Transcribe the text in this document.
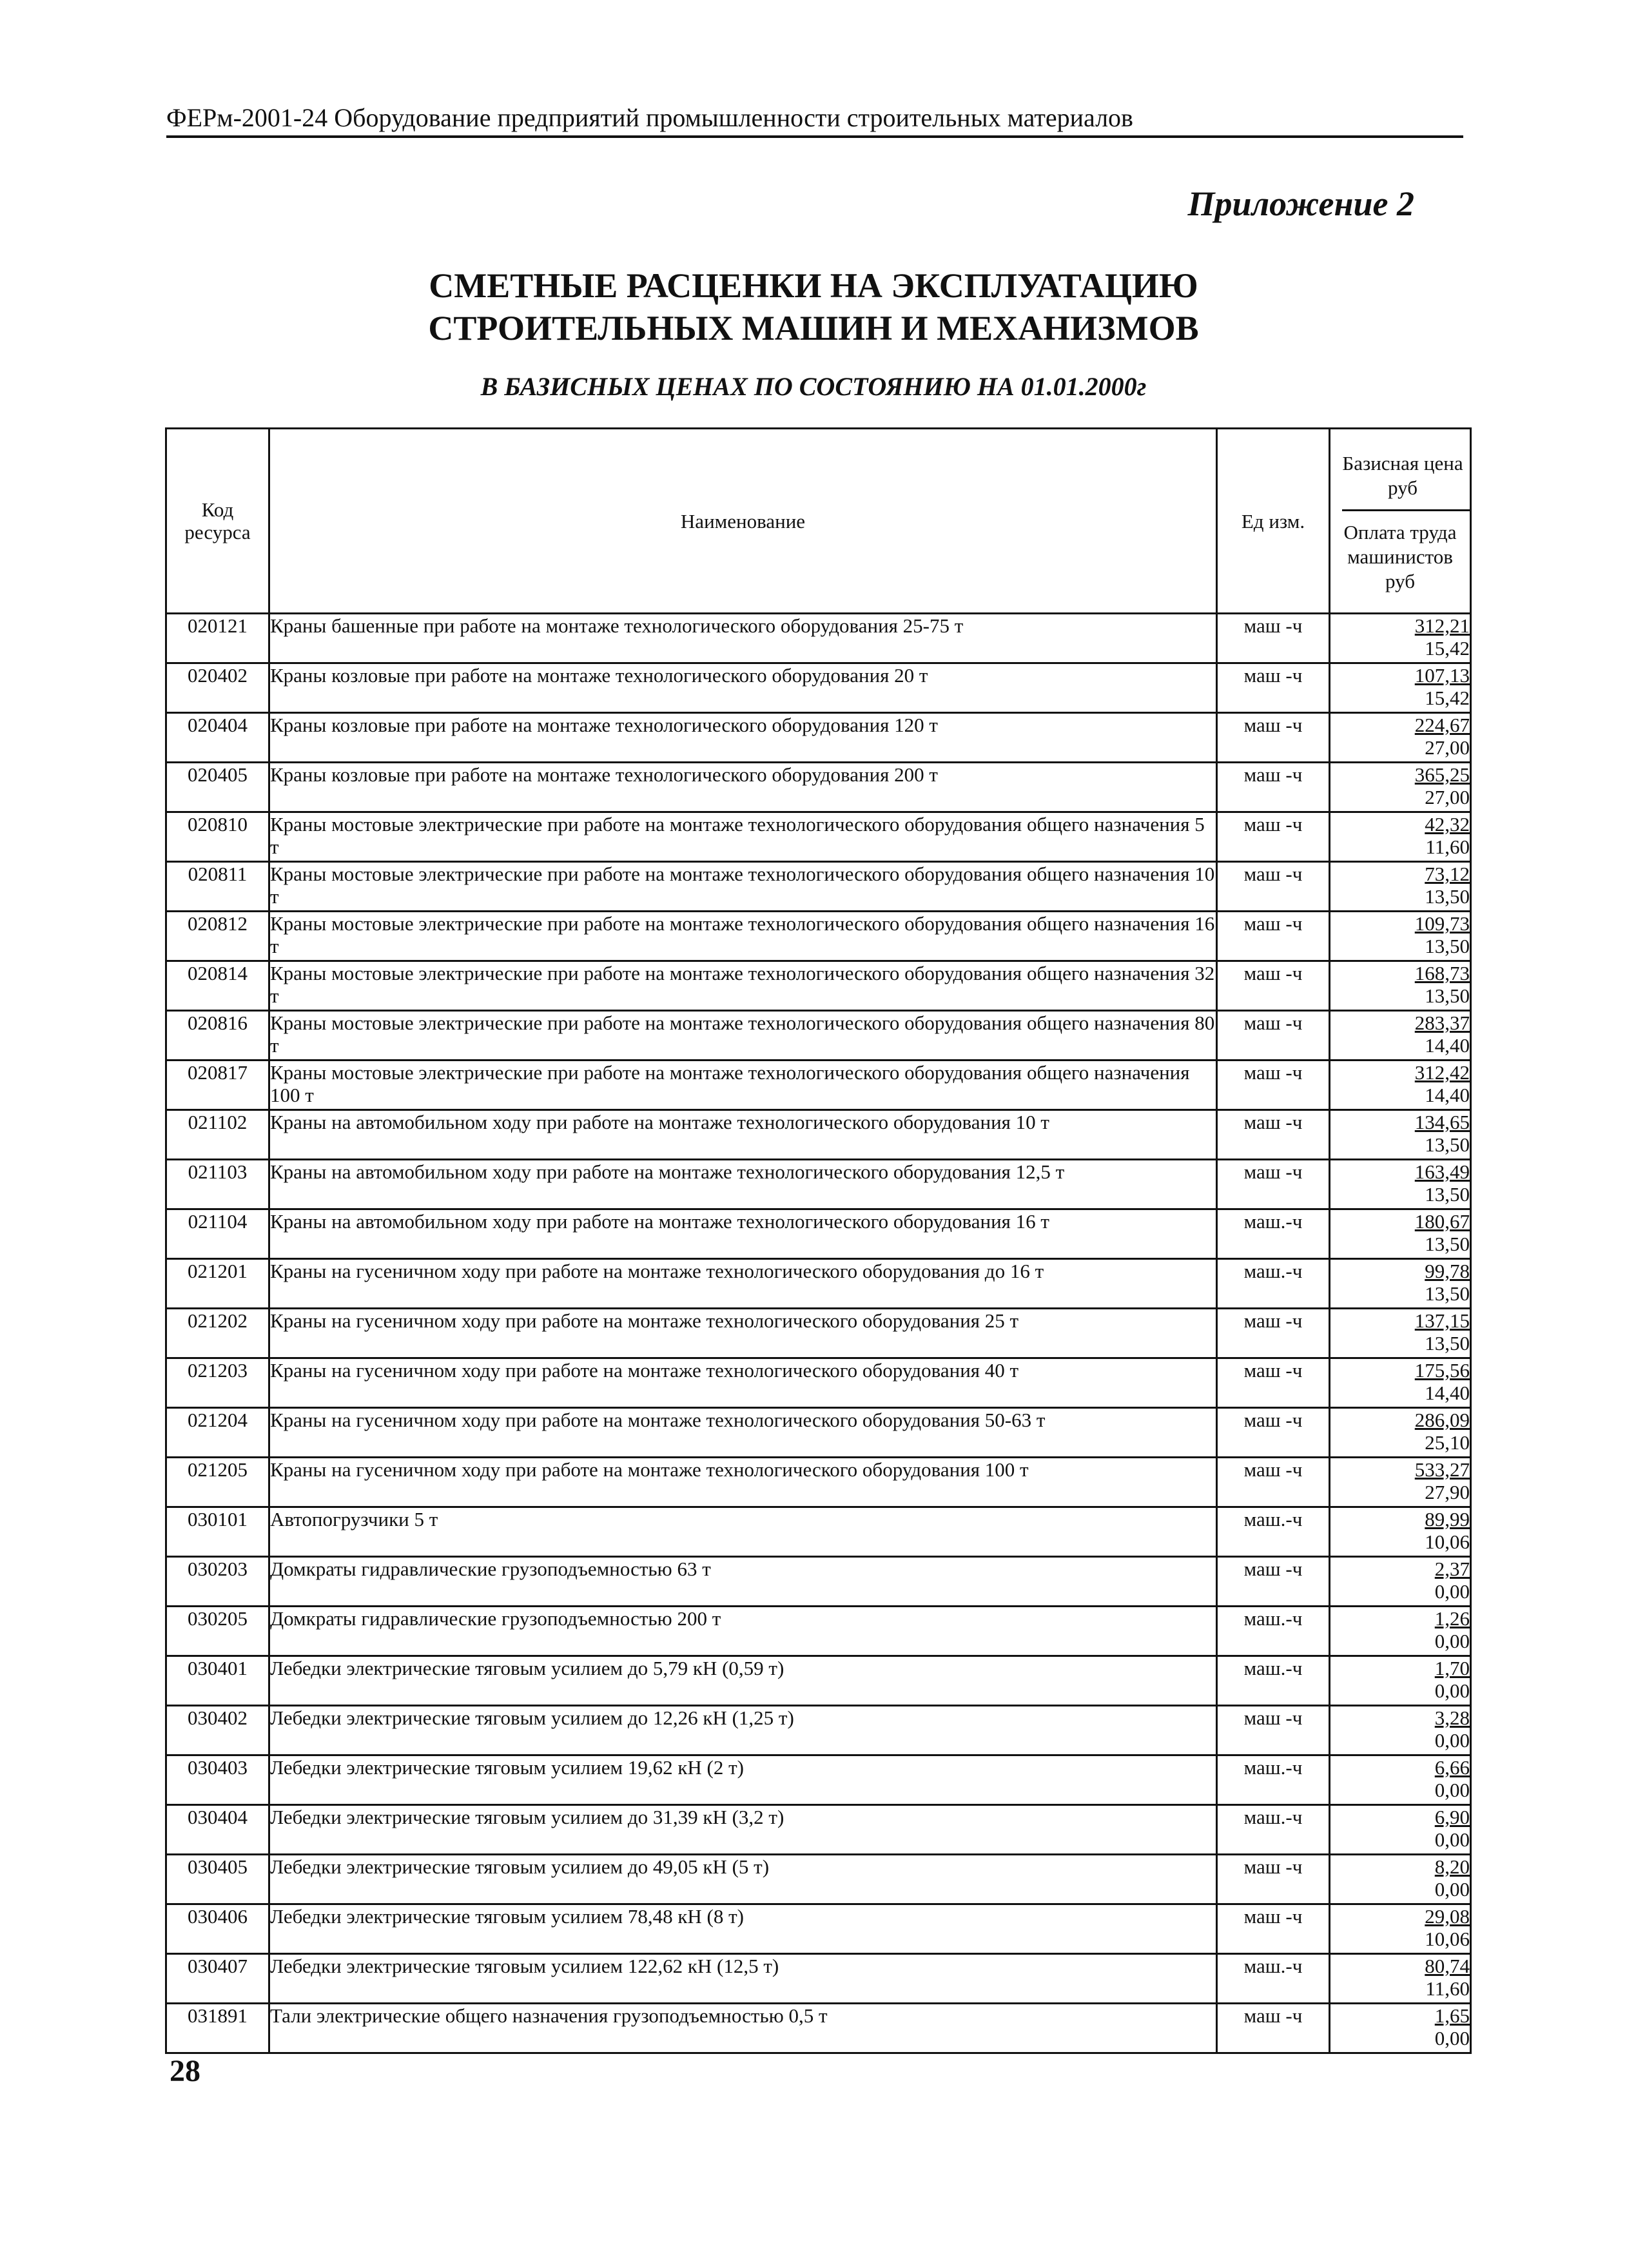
ФЕРм-2001-24 Оборудование предприятий промышленности строительных материалов
Приложение 2
СМЕТНЫЕ РАСЦЕНКИ НА ЭКСПЛУАТАЦИЮ
СТРОИТЕЛЬНЫХ МАШИН И МЕХАНИЗМОВ
В БАЗИСНЫХ ЦЕНАХ ПО СОСТОЯНИЮ НА 01.01.2000г
Код ресурса	Наименование	Ед изм.	Базисная цена руб
Оплата труда машинистов руб

020121	Краны башенные при работе на монтаже технологического оборудования 25-75 т	маш -ч	312,21
15,42

020402	Краны козловые при работе на монтаже технологического оборудования 20 т	маш -ч	107,13
15,42

020404	Краны козловые при работе на монтаже технологического оборудования 120 т	маш -ч	224,67
27,00

020405	Краны козловые при работе на монтаже технологического оборудования 200 т	маш -ч	365,25
27,00

020810	Краны мостовые электрические при работе на монтаже технологического оборудования общего назначения 5 т	маш -ч	42,32
11,60

020811	Краны мостовые электрические при работе на монтаже технологического оборудования общего назначения 10 т	маш -ч	73,12
13,50

020812	Краны мостовые электрические при работе на монтаже технологического оборудования общего назначения 16 т	маш -ч	109,73
13,50

020814	Краны мостовые электрические при работе на монтаже технологического оборудования общего назначения 32 т	маш -ч	168,73
13,50

020816	Краны мостовые электрические при работе на монтаже технологического оборудования общего назначения 80 т	маш -ч	283,37
14,40

020817	Краны мостовые электрические при работе на монтаже технологического оборудования общего назначения 100 т	маш -ч	312,42
14,40

021102	Краны на автомобильном ходу при работе на монтаже технологического оборудования 10 т	маш -ч	134,65
13,50

021103	Краны на автомобильном ходу при работе на монтаже технологического оборудования 12,5 т	маш -ч	163,49
13,50

021104	Краны на автомобильном ходу при работе на монтаже технологического оборудования 16 т	маш.-ч	180,67
13,50

021201	Краны на гусеничном ходу при работе на монтаже технологического оборудования до 16 т	маш.-ч	99,78
13,50

021202	Краны на гусеничном ходу при работе на монтаже технологического оборудования 25 т	маш -ч	137,15
13,50

021203	Краны на гусеничном ходу при работе на монтаже технологического оборудования 40 т	маш -ч	175,56
14,40

021204	Краны на гусеничном ходу при работе на монтаже технологического оборудования 50-63 т	маш -ч	286,09
25,10

021205	Краны на гусеничном ходу при работе на монтаже технологического оборудования 100 т	маш -ч	533,27
27,90

030101	Автопогрузчики 5 т	маш.-ч	89,99
10,06

030203	Домкраты гидравлические грузоподъемностью 63 т	маш -ч	2,37
0,00

030205	Домкраты гидравлические грузоподъемностью 200 т	маш.-ч	1,26
0,00

030401	Лебедки электрические тяговым усилием до 5,79 кН (0,59 т)	маш.-ч	1,70
0,00

030402	Лебедки электрические тяговым усилием до 12,26 кН (1,25 т)	маш -ч	3,28
0,00

030403	Лебедки электрические тяговым усилием 19,62 кН (2 т)	маш.-ч	6,66
0,00

030404	Лебедки электрические тяговым усилием до 31,39 кН (3,2 т)	маш.-ч	6,90
0,00

030405	Лебедки электрические тяговым усилием до 49,05 кН (5 т)	маш -ч	8,20
0,00

030406	Лебедки электрические тяговым усилием 78,48 кН (8 т)	маш -ч	29,08
10,06

030407	Лебедки электрические тяговым усилием 122,62 кН (12,5 т)	маш.-ч	80,74
11,60

031891	Тали электрические общего назначения грузоподъемностью 0,5 т	маш -ч	1,65
0,00
28
